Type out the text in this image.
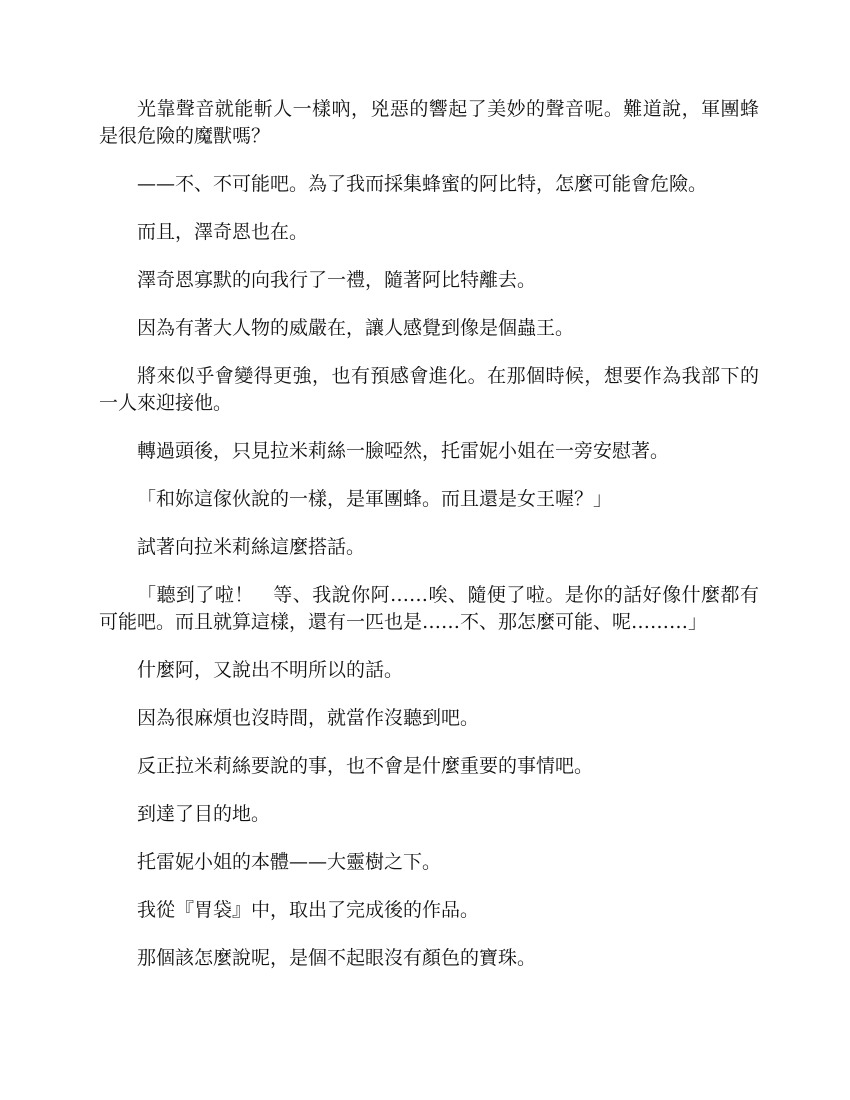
光靠聲音就能斬人一樣吶，兇惡的響起了美妙的聲音呢。難道說，軍團蜂是很危險的魔獸嗎？

——不、不可能吧。為了我而採集蜂蜜的阿比特，怎麼可能會危險。

而且，澤奇恩也在。

澤奇恩寡默的向我行了一禮，隨著阿比特離去。

因為有著大人物的威嚴在，讓人感覺到像是個蟲王。

將來似乎會變得更強，也有預感會進化。在那個時候，想要作為我部下的一人來迎接他。

轉過頭後，只見拉米莉絲一臉啞然，托雷妮小姐在一旁安慰著。

「和妳這傢伙說的一樣，是軍團蜂。而且還是女王喔？」

試著向拉米莉絲這麼搭話。

「聽到了啦！　等、我說你阿……唉、隨便了啦。是你的話好像什麼都有可能吧。而且就算這樣，還有一匹也是……不、那怎麼可能、呢………」

什麼阿，又說出不明所以的話。

因為很麻煩也沒時間，就當作沒聽到吧。

反正拉米莉絲要說的事，也不會是什麼重要的事情吧。

到達了目的地。

托雷妮小姐的本體——大靈樹之下。

我從『胃袋』中，取出了完成後的作品。

那個該怎麼說呢，是個不起眼沒有顏色的寶珠。
